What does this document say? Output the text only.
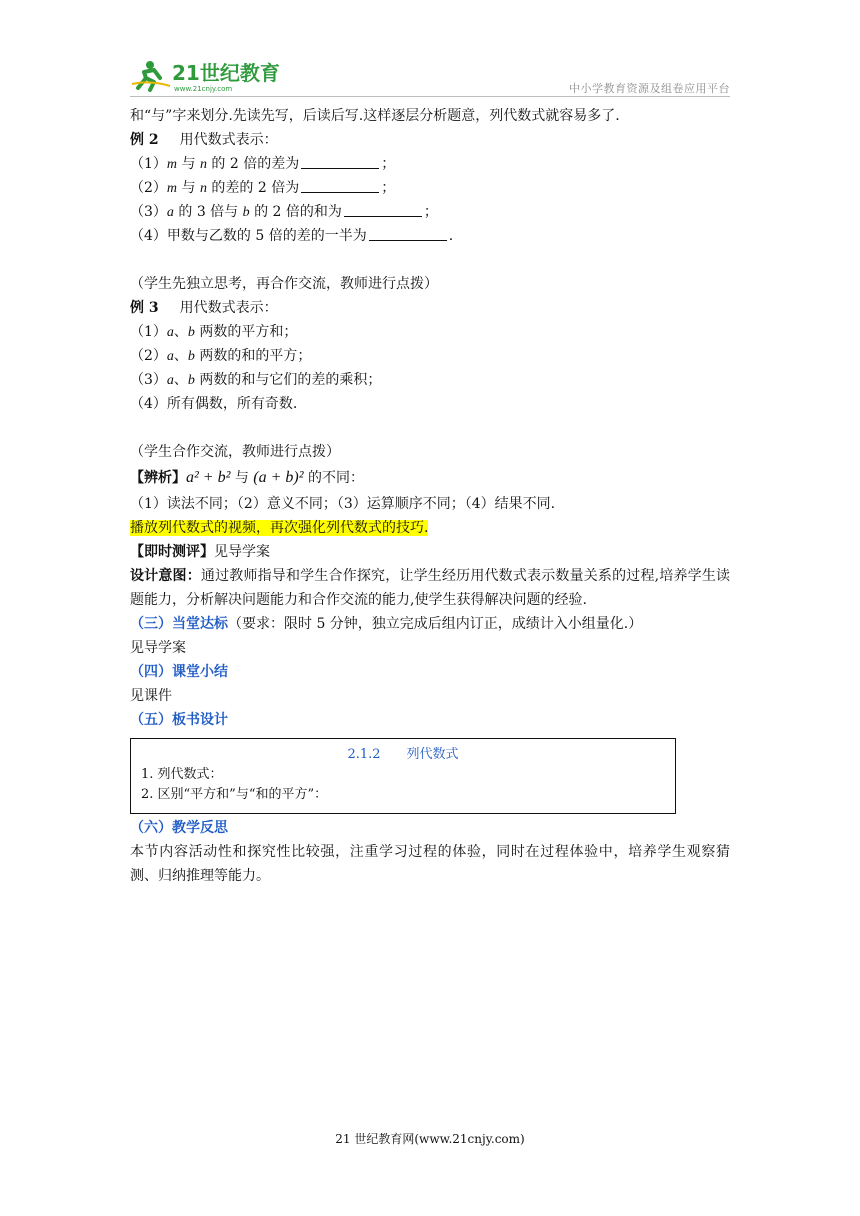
21世纪教育
www.21cnjy.com	中小学教育资源及组卷应用平台
和“与”字来划分.先读先写，后读后写.这样逐层分析题意，列代数式就容易多了.
例 2   用代数式表示：
（1）m 与 n 的 2 倍的差为	；
（2）m 与 n 的差的 2 倍为	；
（3）a 的 3 倍与 b 的 2 倍的和为	；
（4）甲数与乙数的 5 倍的差的一半为	.
（学生先独立思考，再合作交流，教师进行点拨）
例 3   用代数式表示：
（1）a、b 两数的平方和；
（2）a、b 两数的和的平方；
（3）a、b 两数的和与它们的差的乘积；
（4）所有偶数，所有奇数.
（学生合作交流，教师进行点拨）
【辨析】a² + b² 与 (a + b)² 的不同：
（1）读法不同；（2）意义不同；（3）运算顺序不同；（4）结果不同.
播放列代数式的视频，再次强化列代数式的技巧.
【即时测评】见导学案
设计意图：通过教师指导和学生合作探究，让学生经历用代数式表示数量关系的过程,培养学生读题能力，分析解决问题能力和合作交流的能力,使学生获得解决问题的经验.
（三）当堂达标（要求：限时 5 分钟，独立完成后组内订正，成绩计入小组量化.）
见导学案
（四）课堂小结
见课件
（五）板书设计
2.1.2　　列代数式
1. 列代数式：
2. 区别“平方和”与“和的平方”：
（六）教学反思
本节内容活动性和探究性比较强，注重学习过程的体验，同时在过程体验中，培养学生观察猜测、归纳推理等能力。
21 世纪教育网(www.21cnjy.com)
